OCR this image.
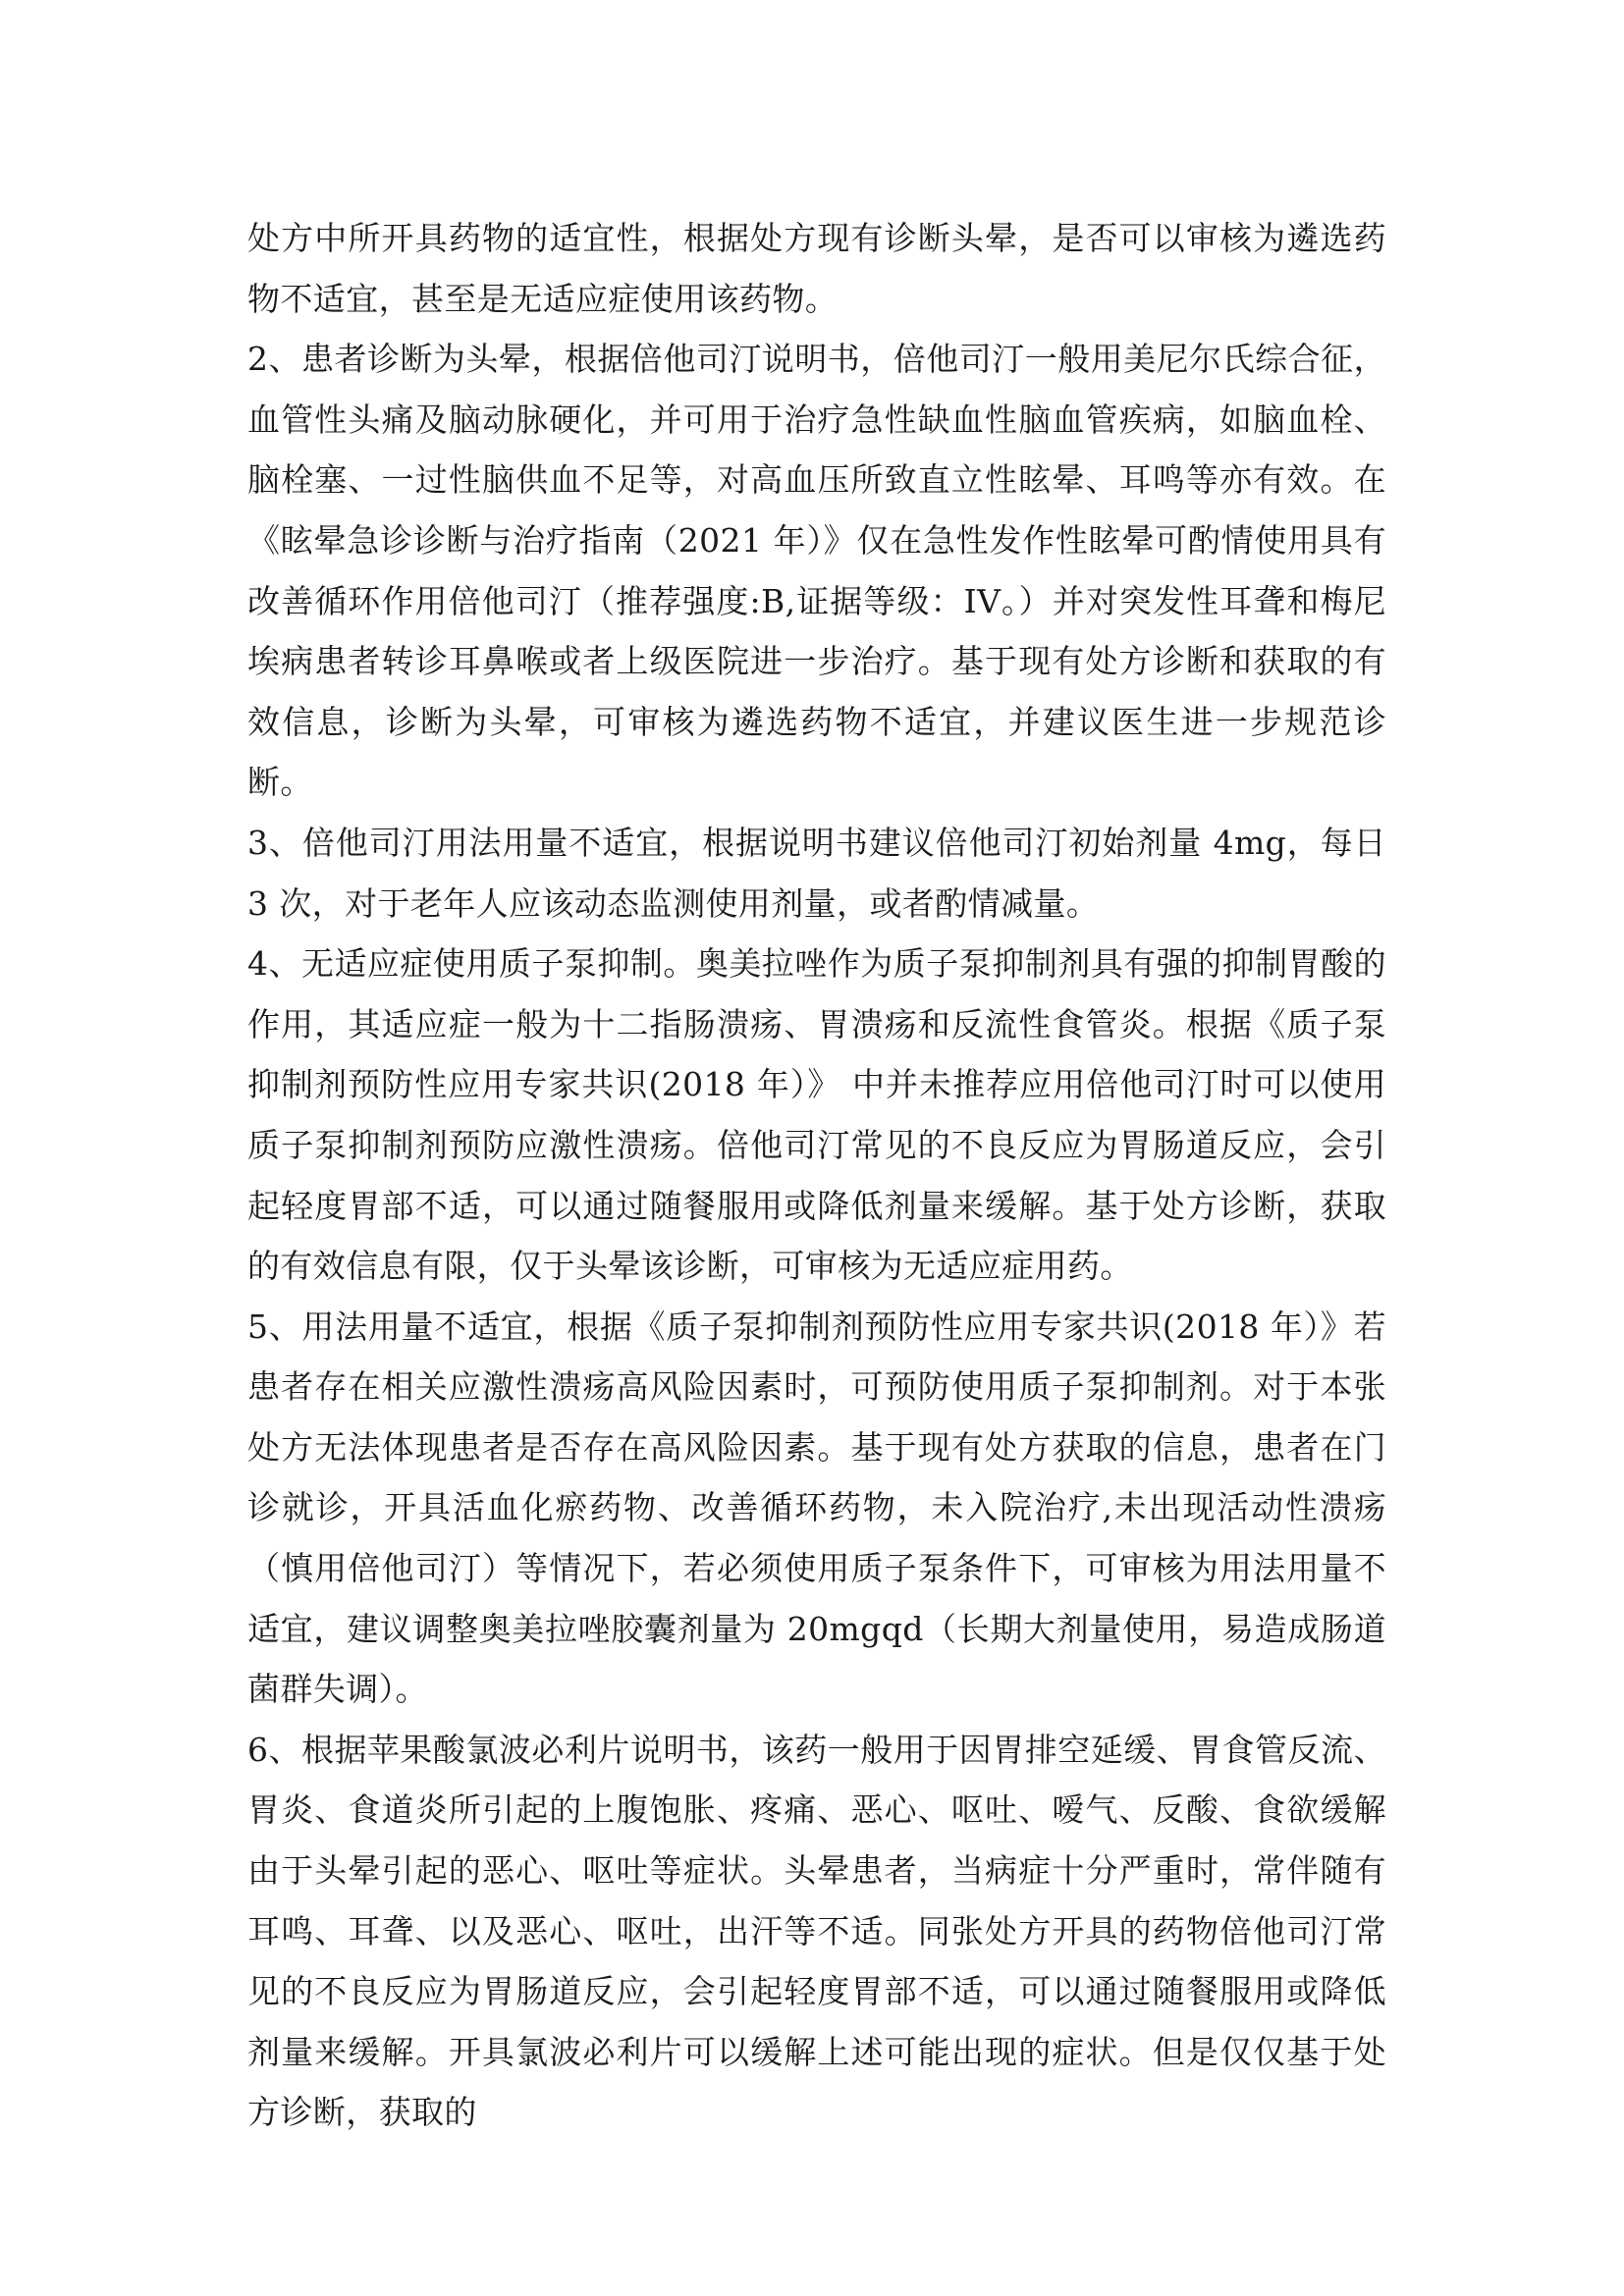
处方中所开具药物的适宜性，根据处方现有诊断头晕，是否可以审核为遴选药物不适宜，甚至是无适应症使用该药物。

2、患者诊断为头晕，根据倍他司汀说明书，倍他司汀一般用美尼尔氏综合征，血管性头痛及脑动脉硬化，并可用于治疗急性缺血性脑血管疾病，如脑血栓、脑栓塞、一过性脑供血不足等，对高血压所致直立性眩晕、耳鸣等亦有效。在《眩晕急诊诊断与治疗指南（2021 年）》仅在急性发作性眩晕可酌情使用具有改善循环作用倍他司汀（推荐强度:B,证据等级：IV。）并对突发性耳聋和梅尼埃病患者转诊耳鼻喉或者上级医院进一步治疗。基于现有处方诊断和获取的有效信息，诊断为头晕，可审核为遴选药物不适宜，并建议医生进一步规范诊断。

3、倍他司汀用法用量不适宜，根据说明书建议倍他司汀初始剂量 4mg，每日 3 次，对于老年人应该动态监测使用剂量，或者酌情减量。

4、无适应症使用质子泵抑制。奥美拉唑作为质子泵抑制剂具有强的抑制胃酸的作用，其适应症一般为十二指肠溃疡、胃溃疡和反流性食管炎。根据《质子泵抑制剂预防性应用专家共识(2018 年）》 中并未推荐应用倍他司汀时可以使用质子泵抑制剂预防应激性溃疡。倍他司汀常见的不良反应为胃肠道反应，会引起轻度胃部不适，可以通过随餐服用或降低剂量来缓解。基于处方诊断，获取的有效信息有限，仅于头晕该诊断，可审核为无适应症用药。

5、用法用量不适宜，根据《质子泵抑制剂预防性应用专家共识(2018 年）》若患者存在相关应激性溃疡高风险因素时，可预防使用质子泵抑制剂。对于本张处方无法体现患者是否存在高风险因素。基于现有处方获取的信息，患者在门诊就诊，开具活血化瘀药物、改善循环药物，未入院治疗,未出现活动性溃疡（慎用倍他司汀）等情况下，若必须使用质子泵条件下，可审核为用法用量不适宜，建议调整奥美拉唑胶囊剂量为 20mgqd（长期大剂量使用，易造成肠道菌群失调）。

6、根据苹果酸氯波必利片说明书，该药一般用于因胃排空延缓、胃食管反流、胃炎、食道炎所引起的上腹饱胀、疼痛、恶心、呕吐、嗳气、反酸、食欲缓解由于头晕引起的恶心、呕吐等症状。头晕患者，当病症十分严重时，常伴随有耳鸣、耳聋、以及恶心、呕吐，出汗等不适。同张处方开具的药物倍他司汀常见的不良反应为胃肠道反应，会引起轻度胃部不适，可以通过随餐服用或降低剂量来缓解。开具氯波必利片可以缓解上述可能出现的症状。但是仅仅基于处方诊断，获取的
